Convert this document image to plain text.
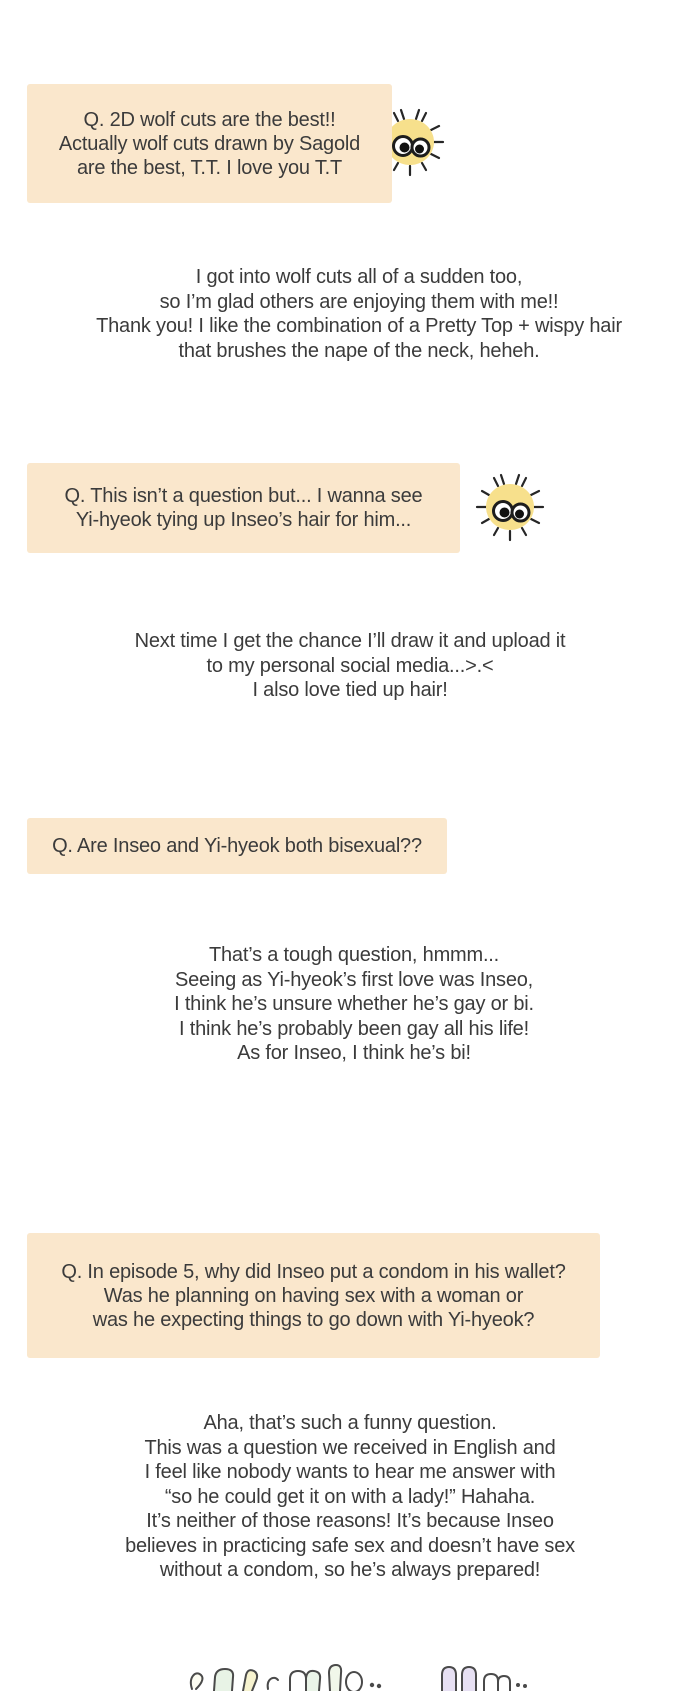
Q. 2D wolf cuts are the best!!
Actually wolf cuts drawn by Sagold
are the best, T.T. I love you T.T
I got into wolf cuts all of a sudden too,
so I’m glad others are enjoying them with me!!
Thank you! I like the combination of a Pretty Top + wispy hair
that brushes the nape of the neck, heheh.
Q. This isn’t a question but... I wanna see
Yi-hyeok tying up Inseo’s hair for him...
Next time I get the chance I’ll draw it and upload it
to my personal social media...>.<
I also love tied up hair!
Q. Are Inseo and Yi-hyeok both bisexual??
That’s a tough question, hmmm...
Seeing as Yi-hyeok’s first love was Inseo,
I think he’s unsure whether he’s gay or bi.
I think he’s probably been gay all his life!
As for Inseo, I think he’s bi!
Q. In episode 5, why did Inseo put a condom in his wallet?
Was he planning on having sex with a woman or
was he expecting things to go down with Yi-hyeok?
Aha, that’s such a funny question.
This was a question we received in English and
I feel like nobody wants to hear me answer with
“so he could get it on with a lady!” Hahaha.
It’s neither of those reasons! It’s because Inseo
believes in practicing safe sex and doesn’t have sex
without a condom, so he’s always prepared!
